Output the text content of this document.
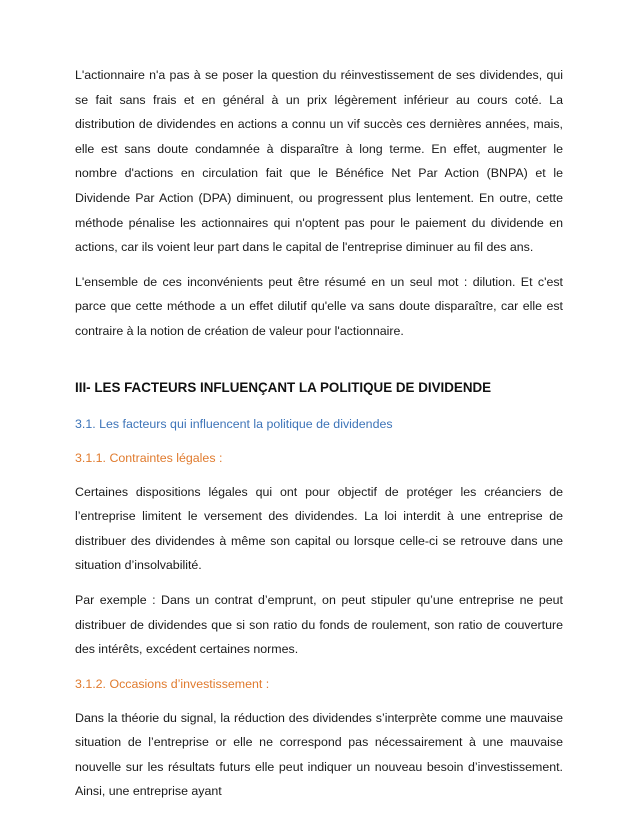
L'actionnaire n'a pas à se poser la question du réinvestissement de ses dividendes, qui se fait sans frais et en général à un prix légèrement inférieur au cours coté. La distribution de dividendes en actions a connu un vif succès ces dernières années, mais, elle est sans doute condamnée à disparaître à long terme. En effet, augmenter le nombre d'actions en circulation fait que le Bénéfice Net Par Action (BNPA) et le Dividende Par Action (DPA) diminuent, ou progressent plus lentement. En outre, cette méthode pénalise les actionnaires qui n'optent pas pour le paiement du dividende en actions, car ils voient leur part dans le capital de l'entreprise diminuer au fil des ans.

L'ensemble de ces inconvénients peut être résumé en un seul mot : dilution. Et c'est parce que cette méthode a un effet dilutif qu'elle va sans doute disparaître, car elle est contraire à la notion de création de valeur pour l'actionnaire.

III- LES FACTEURS INFLUENÇANT LA POLITIQUE DE DIVIDENDE
3.1. Les facteurs qui influencent la politique de dividendes
3.1.1. Contraintes légales :

Certaines dispositions légales qui ont pour objectif de protéger les créanciers de l’entreprise limitent le versement des dividendes. La loi interdit à une entreprise de distribuer des dividendes à même son capital ou lorsque celle-ci se retrouve dans une situation d’insolvabilité.

Par exemple : Dans un contrat d’emprunt, on peut stipuler qu’une entreprise ne peut distribuer de dividendes que si son ratio du fonds de roulement, son ratio de couverture des intérêts, excédent certaines normes.

3.1.2. Occasions d’investissement :

Dans la théorie du signal, la réduction des dividendes s’interprète comme une mauvaise situation de l’entreprise or elle ne correspond pas nécessairement à une mauvaise nouvelle sur les résultats futurs elle peut indiquer un nouveau besoin d’investissement. Ainsi, une entreprise ayant
